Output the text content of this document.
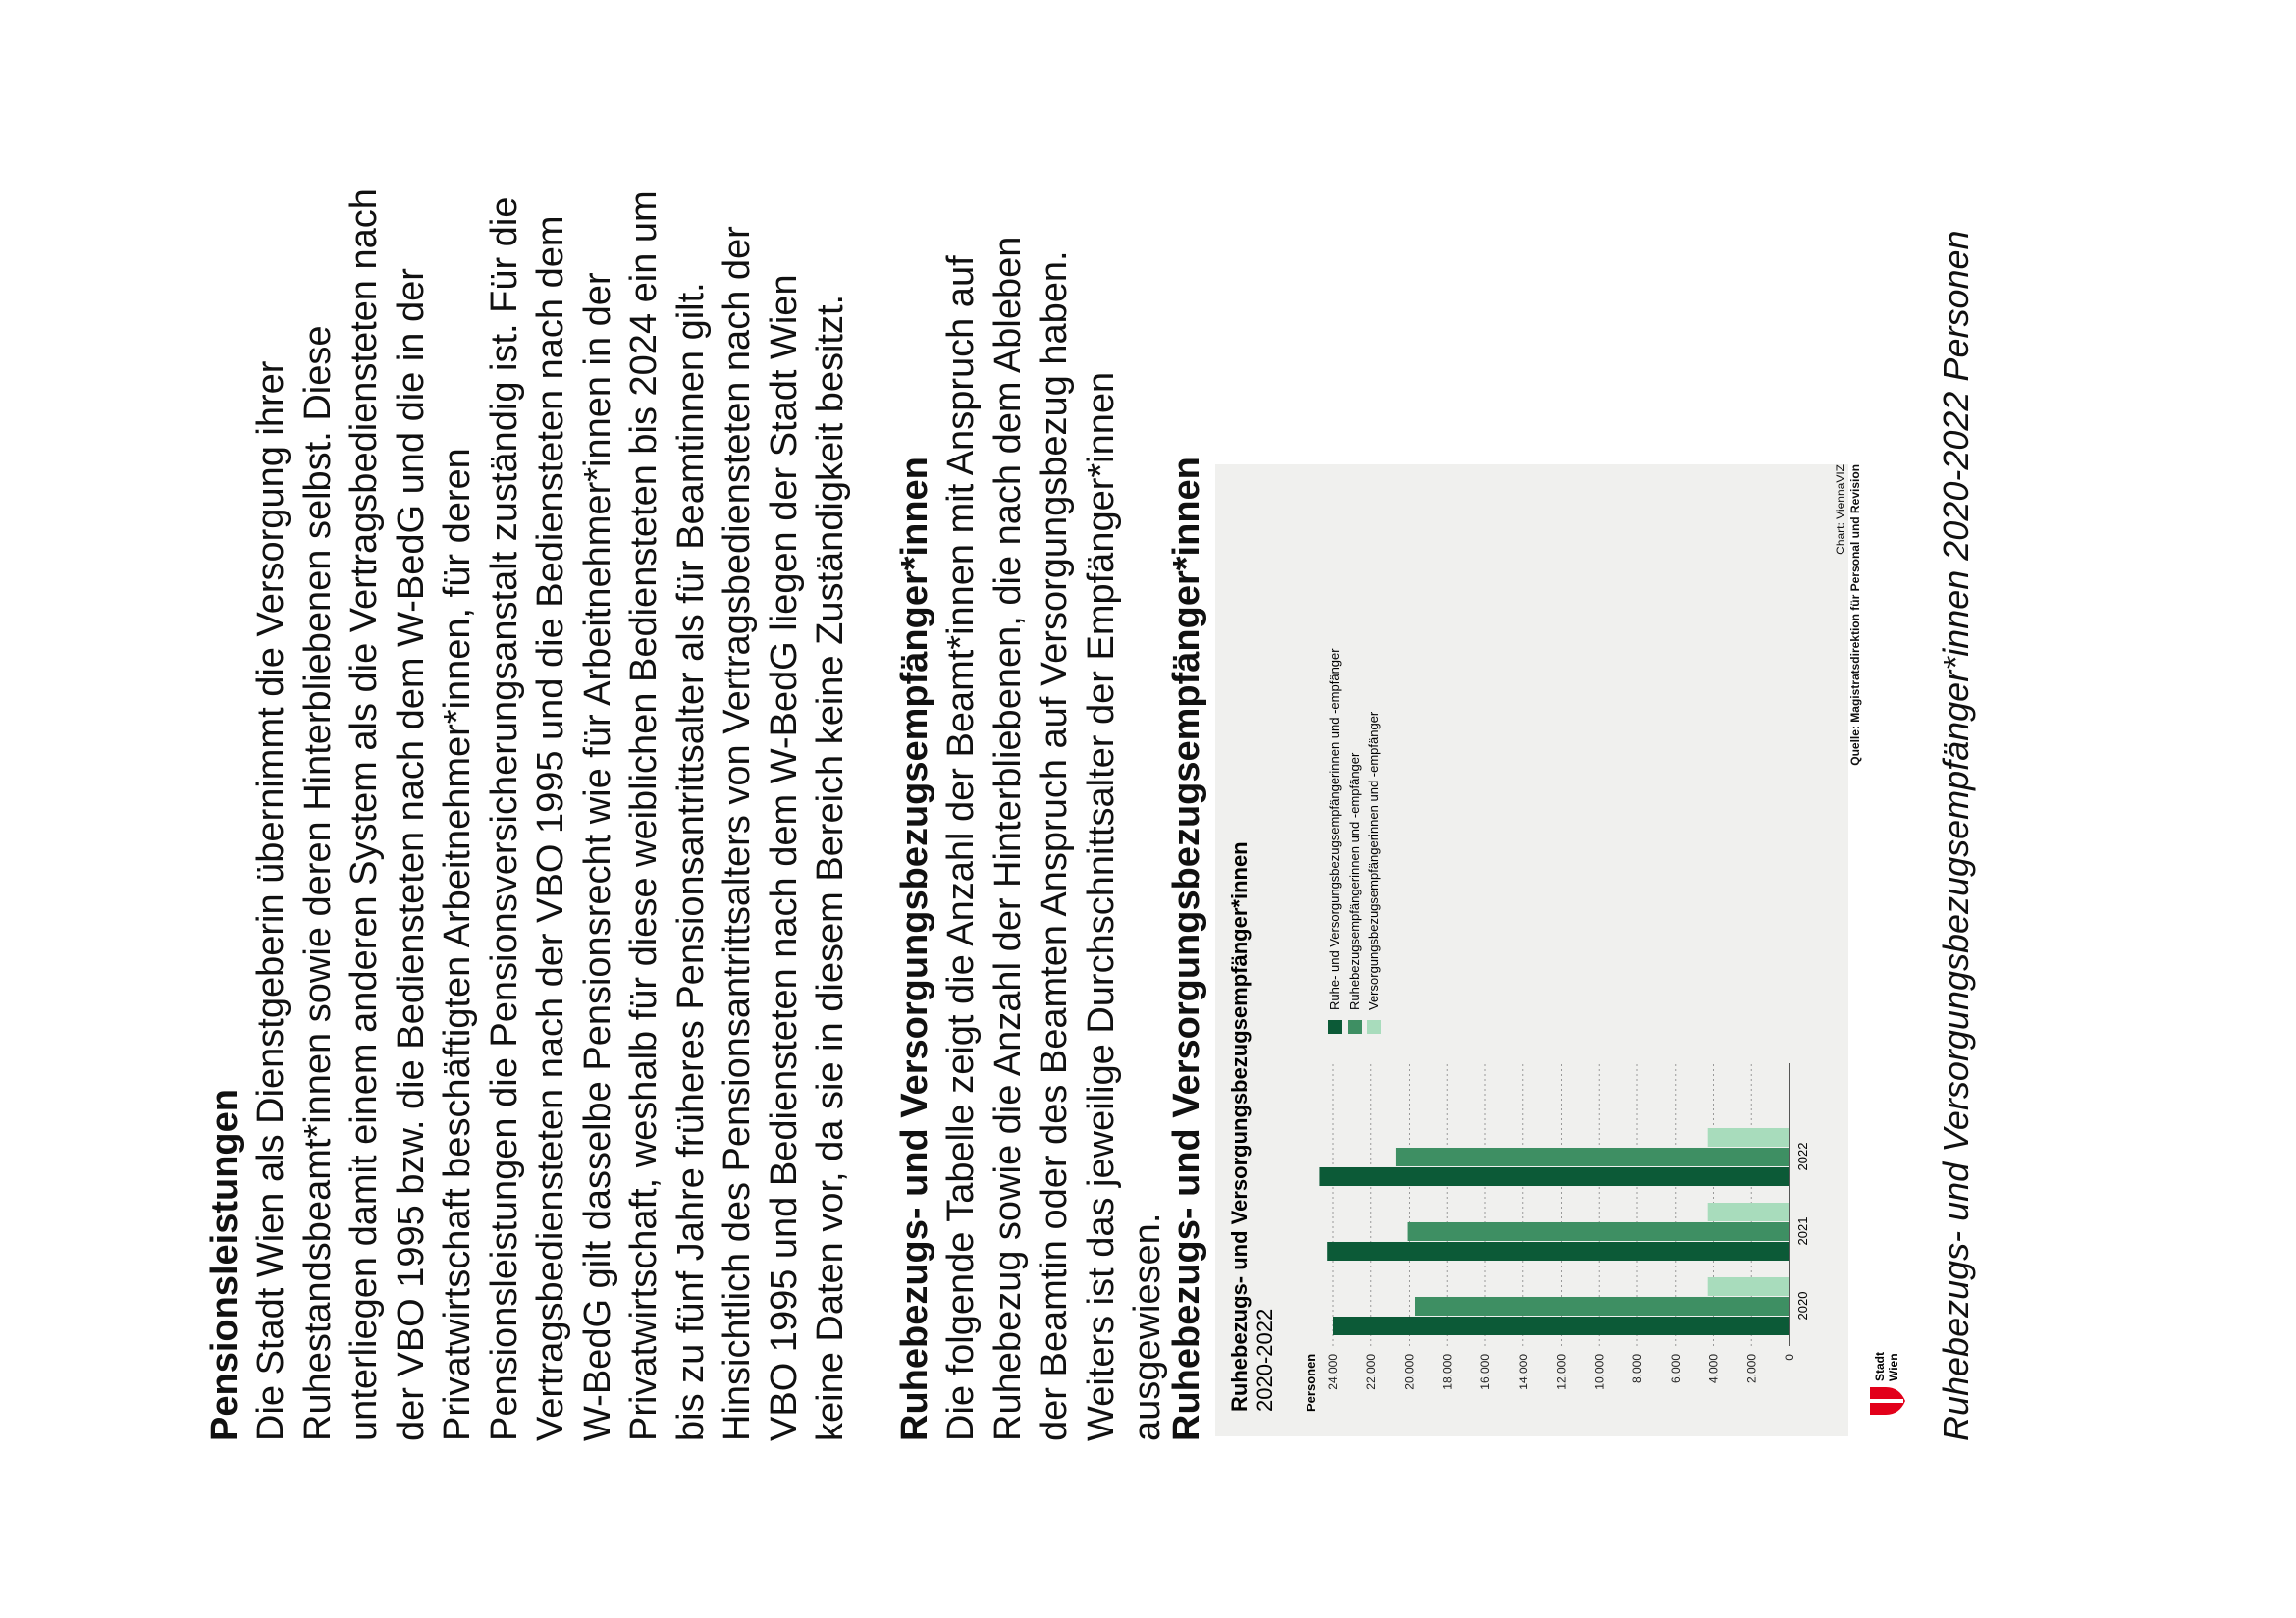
Pensionsleistungen Die Stadt Wien als Dienstgeberin übernimmt die Versorgung ihrer Ruhestandsbeamt*innen sowie deren Hinterbliebenen selbst. Diese unterliegen damit einem anderen System als die Vertragsbediensteten nach der VBO 1995 bzw. die Bediensteten nach dem W-BedG und die in der Privatwirtschaft beschäftigten Arbeitnehmer*innen, für deren Pensionsleistungen die Pensionsversicherungsanstalt zuständig ist. Für die Vertragsbediensteten nach der VBO 1995 und die Bediensteten nach dem W-BedG gilt dasselbe Pensionsrecht wie für Arbeitnehmer*innen in der Privatwirtschaft, weshalb für diese weiblichen Bediensteten bis 2024 ein um bis zu fünf Jahre früheres Pensionsantrittsalter als für Beamtinnen gilt. Hinsichtlich des Pensionsantrittsalters von Vertragsbediensteten nach der VBO 1995 und Bediensteten nach dem W-BedG liegen der Stadt Wien keine Daten vor, da sie in diesem Bereich keine Zuständigkeit besitzt. Ruhebezugs- und Versorgungsbezugsempfänger*innen Die folgende Tabelle zeigt die Anzahl der Beamt*innen mit Anspruch auf Ruhebezug sowie die Anzahl der Hinterbliebenen, die nach dem Ableben der Beamtin oder des Beamten Anspruch auf Versorgungsbezug haben. Weiters ist das jeweilige Durchschnittsalter der Empfänger*innen ausgewiesen.

Ruhebezugs- und Versorgungsbezugsempfänger*innen Ruhebezugs- und Versorgungsbezugsempfänger*innen 2020-2022 Personen	0
2.000
4.000
6.000
8.000
10.000
12.000
14.000
16.000
18.000
20.000
22.000
24.000
2020
2021
2022
Ruhe- und Versorgungsbezugsempfängerinnen und -empfänger Ruhebezugsempfängerinnen und -empfänger Versorgungsbezugsempfängerinnen und -empfänger
Stadt Wien
Chart: ViennaVIZ Quelle: Magistratsdirektion für Personal und Revision Ruhebezugs- und Versorgungsbezugsempfänger*innen 2020-2022 Personen
